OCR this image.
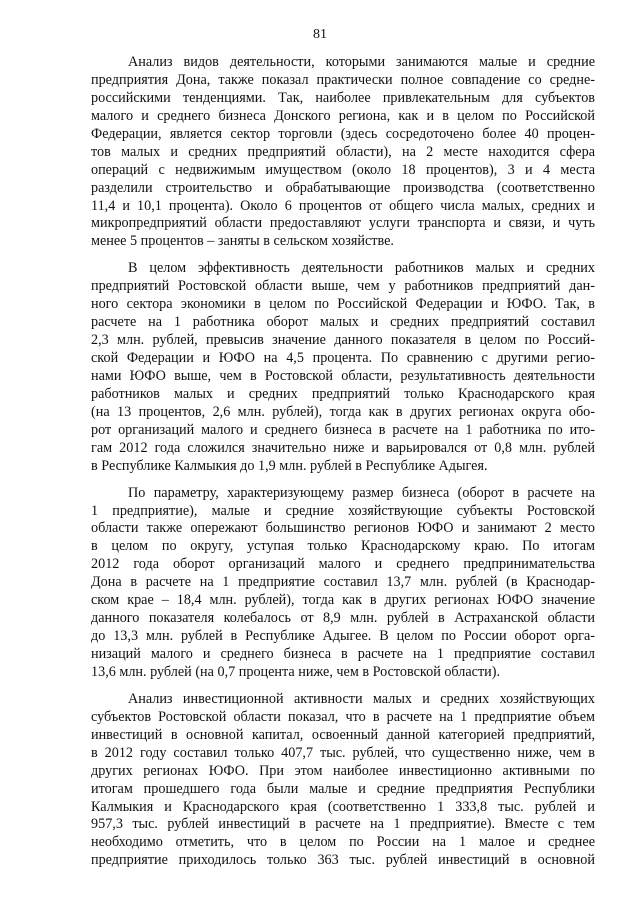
81
Анализ видов деятельности, которыми занимаются малые и средние
предприятия Дона, также показал практически полное совпадение со средне-
российскими тенденциями. Так, наиболее привлекательным для субъектов
малого и среднего бизнеса Донского региона, как и в целом по Российской
Федерации, является сектор торговли (здесь сосредоточено более 40 процен-
тов малых и средних предприятий области), на 2 месте находится сфера
операций с недвижимым имуществом (около 18 процентов), 3 и 4 места
разделили строительство и обрабатывающие производства (соответственно
11,4 и 10,1 процента). Около 6 процентов от общего числа малых, средних и
микропредприятий области предоставляют услуги транспорта и связи, и чуть
менее 5 процентов – заняты в сельском хозяйстве.
В целом эффективность деятельности работников малых и средних
предприятий Ростовской области выше, чем у работников предприятий дан-
ного сектора экономики в целом по Российской Федерации и ЮФО. Так, в
расчете на 1 работника оборот малых и средних предприятий составил
2,3 млн. рублей, превысив значение данного показателя в целом по Россий-
ской Федерации и ЮФО на 4,5 процента. По сравнению с другими регио-
нами ЮФО выше, чем в Ростовской области, результативность деятельности
работников малых и средних предприятий только Краснодарского края
(на 13 процентов, 2,6 млн. рублей), тогда как в других регионах округа обо-
рот организаций малого и среднего бизнеса в расчете на 1 работника по ито-
гам 2012 года сложился значительно ниже и варьировался от 0,8 млн. рублей
в Республике Калмыкия до 1,9 млн. рублей в Республике Адыгея.
По параметру, характеризующему размер бизнеса (оборот в расчете на
1 предприятие), малые и средние хозяйствующие субъекты Ростовской
области также опережают большинство регионов ЮФО и занимают 2 место
в целом по округу, уступая только Краснодарскому краю. По итогам
2012 года оборот организаций малого и среднего предпринимательства
Дона в расчете на 1 предприятие составил 13,7 млн. рублей (в Краснодар-
ском крае – 18,4 млн. рублей), тогда как в других регионах ЮФО значение
данного показателя колебалось от 8,9 млн. рублей в Астраханской области
до 13,3 млн. рублей в Республике Адыгее. В целом по России оборот орга-
низаций малого и среднего бизнеса в расчете на 1 предприятие составил
13,6 млн. рублей (на 0,7 процента ниже, чем в Ростовской области).
Анализ инвестиционной активности малых и средних хозяйствующих
субъектов Ростовской области показал, что в расчете на 1 предприятие объем
инвестиций в основной капитал, освоенный данной категорией предприятий,
в 2012 году составил только 407,7 тыс. рублей, что существенно ниже, чем в
других регионах ЮФО. При этом наиболее инвестиционно активными по
итогам прошедшего года были малые и средние предприятия Республики
Калмыкия и Краснодарского края (соответственно 1 333,8 тыс. рублей и
957,3 тыс. рублей инвестиций в расчете на 1 предприятие). Вместе с тем
необходимо отметить, что в целом по России на 1 малое и среднее
предприятие приходилось только 363 тыс. рублей инвестиций в основной
